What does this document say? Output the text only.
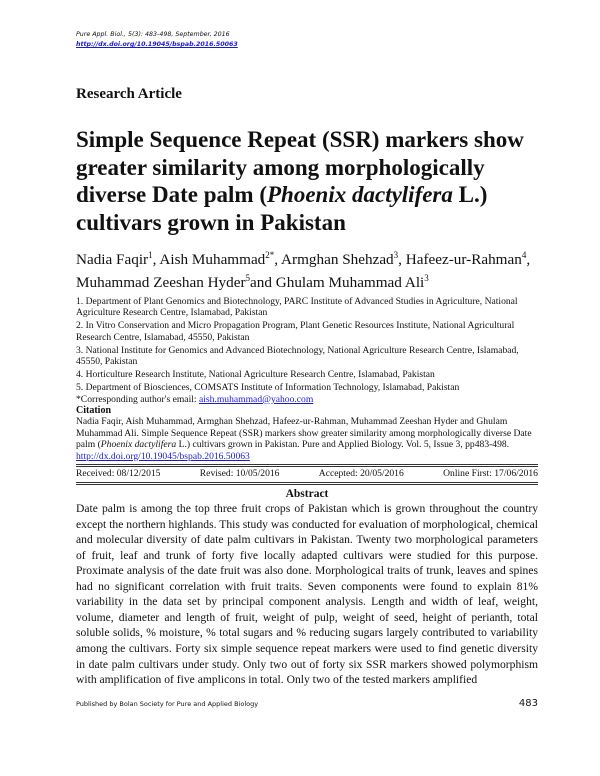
Pure Appl. Biol., 5(3): 483-498, September, 2016
http://dx.doi.org/10.19045/bspab.2016.50063
Research Article
Simple Sequence Repeat (SSR) markers show greater similarity among morphologically diverse Date palm (Phoenix dactylifera L.) cultivars grown in Pakistan
Nadia Faqir$^1$, Aish Muhammad$^{2*}$, Armghan Shehzad$^3$, Hafeez-ur-Rahman$^4$, Muhammad Zeeshan Hyder$^5$and Ghulam Muhammad Ali$^3$

1. Department of Plant Genomics and Biotechnology, PARC Institute of Advanced Studies in Agriculture, National Agriculture Research Centre, Islamabad, Pakistan

2. In Vitro Conservation and Micro Propagation Program, Plant Genetic Resources Institute, National Agricultural Research Centre, Islamabad, 45550, Pakistan

3. National Institute for Genomics and Advanced Biotechnology, National Agriculture Research Centre, Islamabad, 45550, Pakistan

4. Horticulture Research Institute, National Agriculture Research Centre, Islamabad, Pakistan

5. Department of Biosciences, COMSATS Institute of Information Technology, Islamabad, Pakistan

*Corresponding author's email: aish.muhammad@yahoo.com

Citation
Nadia Faqir, Aish Muhammad, Armghan Shehzad, Hafeez-ur-Rahman, Muhammad Zeeshan Hyder and Ghulam Muhammad Ali. Simple Sequence Repeat (SSR) markers show greater similarity among morphologically diverse Date palm (Phoenix dactylifera L.) cultivars grown in Pakistan. Pure and Applied Biology. Vol. 5, Issue 3, pp483-498. http://dx.doi.org/10.19045/bspab.2016.50063
Received: 08/12/2015	Revised: 10/05/2016	Accepted: 20/05/2016	Online First: 17/06/2016
Abstract
Date palm is among the top three fruit crops of Pakistan which is grown throughout the country except the northern highlands. This study was conducted for evaluation of morphological, chemical and molecular diversity of date palm cultivars in Pakistan. Twenty two morphological parameters of fruit, leaf and trunk of forty five locally adapted cultivars were studied for this purpose. Proximate analysis of the date fruit was also done. Morphological traits of trunk, leaves and spines had no significant correlation with fruit traits. Seven components were found to explain 81% variability in the data set by principal component analysis. Length and width of leaf, weight, volume, diameter and length of fruit, weight of pulp, weight of seed, height of perianth, total soluble solids, % moisture, % total sugars and % reducing sugars largely contributed to variability among the cultivars. Forty six simple sequence repeat markers were used to find genetic diversity in date palm cultivars under study. Only two out of forty six SSR markers showed polymorphism with amplification of five amplicons in total. Only two of the tested markers amplified
Published by Bolan Society for Pure and Applied Biology	483
